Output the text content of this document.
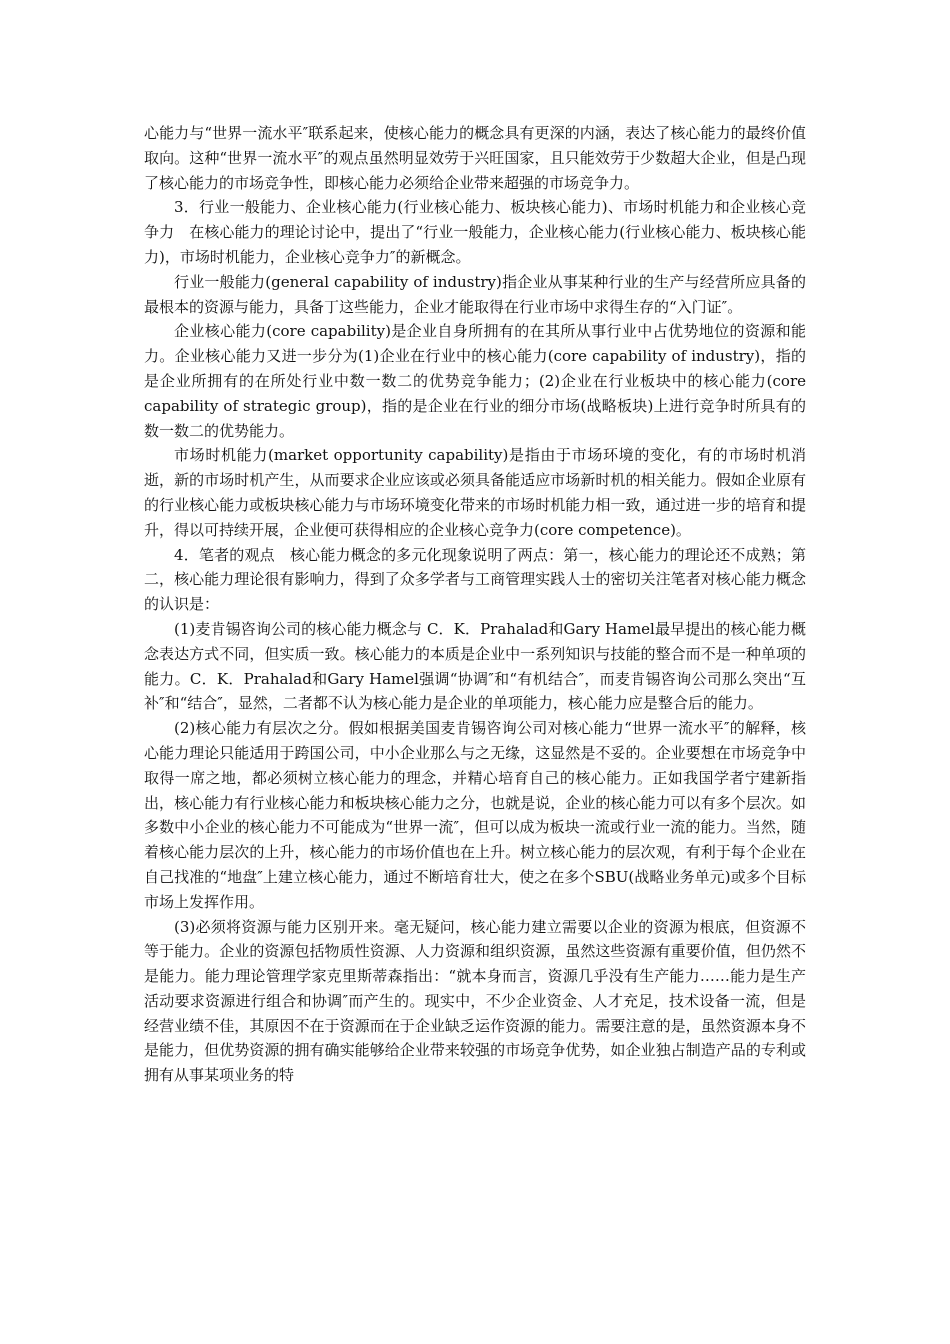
心能力与“世界一流水平″联系起来，使核心能力的概念具有更深的内涵，表达了核心能力的最终价值取向。这种“世界一流水平″的观点虽然明显效劳于兴旺国家，且只能效劳于少数超大企业，但是凸现了核心能力的市场竞争性，即核心能力必须给企业带来超强的市场竞争力。

3．行业一般能力、企业核心能力(行业核心能力、板块核心能力)、市场时机能力和企业核心竞争力　在核心能力的理论讨论中，提出了“行业一般能力，企业核心能力(行业核心能力、板块核心能力)，市场时机能力，企业核心竞争力″的新概念。

行业一般能力(general capability of industry)指企业从事某种行业的生产与经营所应具备的最根本的资源与能力，具备丁这些能力，企业才能取得在行业市场中求得生存的“入门证″。

企业核心能力(core capability)是企业自身所拥有的在其所从事行业中占优势地位的资源和能力。企业核心能力又进一步分为(1)企业在行业中的核心能力(core capability of industry)，指的是企业所拥有的在所处行业中数一数二的优势竞争能力；(2)企业在行业板块中的核心能力(core capability of strategic group)，指的是企业在行业的细分市场(战略板块)上进行竞争时所具有的数一数二的优势能力。

市场时机能力(market opportunity capability)是指由于市场环境的变化，有的市场时机消逝，新的市场时机产生，从而要求企业应该或必须具备能适应市场新时机的相关能力。假如企业原有的行业核心能力或板块核心能力与市场环境变化带来的市场时机能力相一致，通过进一步的培育和提升，得以可持续开展，企业便可获得相应的企业核心竞争力(core competence)。

4．笔者的观点　核心能力概念的多元化现象说明了两点：第一，核心能力的理论还不成熟；第二，核心能力理论很有影响力，得到了众多学者与工商管理实践人士的密切关注笔者对核心能力概念的认识是：

(1)麦肯锡咨询公司的核心能力概念与 C．K．Prahalad和Gary Hamel最早提出的核心能力概念表达方式不同，但实质一致。核心能力的本质是企业中一系列知识与技能的整合而不是一种单项的能力。C．K．Prahalad和Gary Hamel强调“协调″和“有机结合″，而麦肯锡咨询公司那么突出“互补″和“结合″，显然，二者都不认为核心能力是企业的单项能力，核心能力应是整合后的能力。

(2)核心能力有层次之分。假如根据美国麦肯锡咨询公司对核心能力“世界一流水平″的解释，核心能力理论只能适用于跨国公司，中小企业那么与之无缘，这显然是不妥的。企业要想在市场竞争中取得一席之地，都必须树立核心能力的理念，并精心培育自己的核心能力。正如我国学者宁建新指出，核心能力有行业核心能力和板块核心能力之分，也就是说，企业的核心能力可以有多个层次。如多数中小企业的核心能力不可能成为“世界一流″，但可以成为板块一流或行业一流的能力。当然，随着核心能力层次的上升，核心能力的市场价值也在上升。树立核心能力的层次观，有利于每个企业在自己找准的“地盘″上建立核心能力，通过不断培育壮大，使之在多个SBU(战略业务单元)或多个目标市场上发挥作用。

(3)必须将资源与能力区别开来。毫无疑问，核心能力建立需要以企业的资源为根底，但资源不等于能力。企业的资源包括物质性资源、人力资源和组织资源，虽然这些资源有重要价值，但仍然不是能力。能力理论管理学家克里斯蒂森指出：“就本身而言，资源几乎没有生产能力……能力是生产活动要求资源进行组合和协调″而产生的。现实中，不少企业资金、人才充足，技术设备一流，但是经营业绩不佳，其原因不在于资源而在于企业缺乏运作资源的能力。需要注意的是，虽然资源本身不是能力，但优势资源的拥有确实能够给企业带来较强的市场竞争优势，如企业独占制造产品的专利或拥有从事某项业务的特
